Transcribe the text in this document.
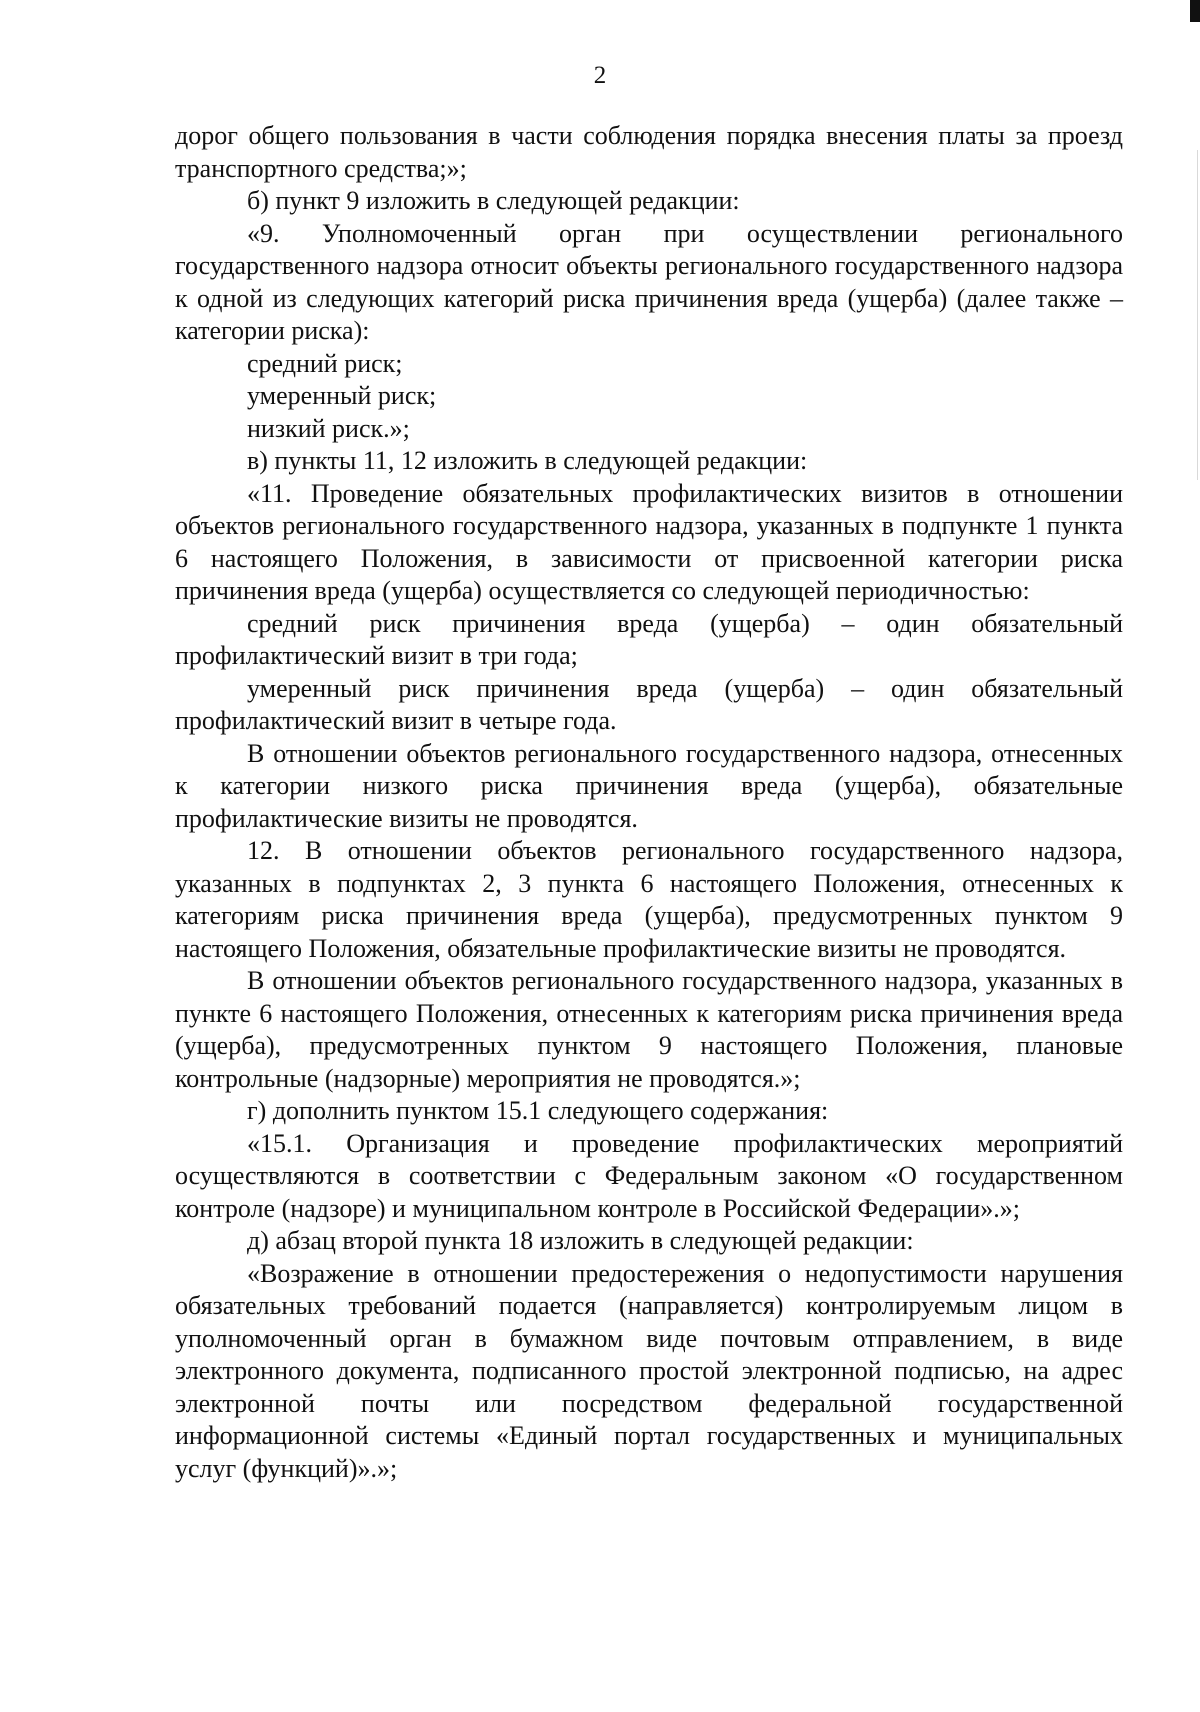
2

дорог общего пользования в части соблюдения порядка внесения платы за проезд транспортного средства;»;

б) пункт 9 изложить в следующей редакции:

«9. Уполномоченный орган при осуществлении регионального государственного надзора относит объекты регионального государственного надзора к одной из следующих категорий риска причинения вреда (ущерба) (далее также – категории риска):

средний риск;

умеренный риск;

низкий риск.»;

в) пункты 11, 12 изложить в следующей редакции:

«11. Проведение обязательных профилактических визитов в отношении объектов регионального государственного надзора, указанных в подпункте 1 пункта 6 настоящего Положения, в зависимости от присвоенной категории риска причинения вреда (ущерба) осуществляется со следующей периодичностью:

средний риск причинения вреда (ущерба) – один обязательный профилактический визит в три года;

умеренный риск причинения вреда (ущерба) – один обязательный профилактический визит в четыре года.

В отношении объектов регионального государственного надзора, отнесенных к категории низкого риска причинения вреда (ущерба), обязательные профилактические визиты не проводятся.

12. В отношении объектов регионального государственного надзора, указанных в подпунктах 2, 3 пункта 6 настоящего Положения, отнесенных к категориям риска причинения вреда (ущерба), предусмотренных пунктом 9 настоящего Положения, обязательные профилактические визиты не проводятся.

В отношении объектов регионального государственного надзора, указанных в пункте 6 настоящего Положения, отнесенных к категориям риска причинения вреда (ущерба), предусмотренных пунктом 9 настоящего Положения, плановые контрольные (надзорные) мероприятия не проводятся.»;

г) дополнить пунктом 15.1 следующего содержания:

«15.1. Организация и проведение профилактических мероприятий осуществляются в соответствии с Федеральным законом «О государственном контроле (надзоре) и муниципальном контроле в Российской Федерации».»;

д) абзац второй пункта 18 изложить в следующей редакции:

«Возражение в отношении предостережения о недопустимости нарушения обязательных требований подается (направляется) контролируемым лицом в уполномоченный орган в бумажном виде почтовым отправлением, в виде электронного документа, подписанного простой электронной подписью, на адрес электронной почты или посредством федеральной государственной информационной системы «Единый портал государственных и муниципальных услуг (функций)».»;
